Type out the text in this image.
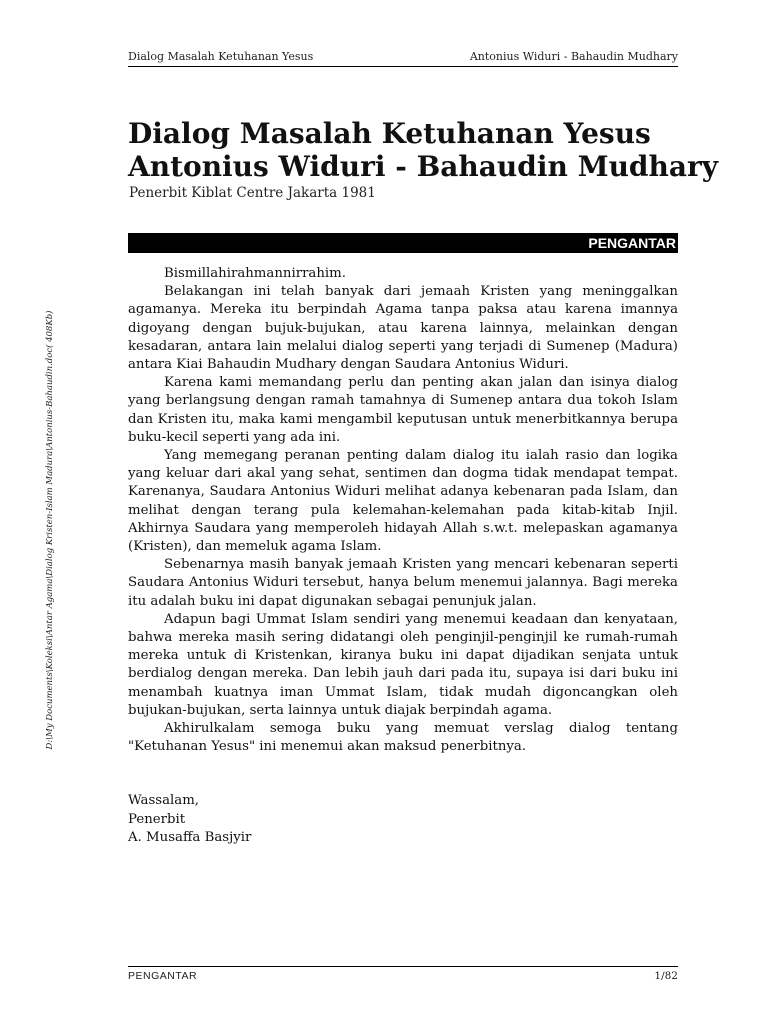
Dialog Masalah Ketuhanan Yesus	Antonius Widuri - Bahaudin Mudhary
Dialog Masalah Ketuhanan Yesus
Antonius Widuri - Bahaudin Mudhary
Penerbit Kiblat Centre Jakarta 1981
PENGANTAR

Bismillahirahmannirrahim.

Belakangan ini telah banyak dari jemaah Kristen yang meninggalkan agamanya. Mereka itu berpindah Agama tanpa paksa atau karena imannya digoyang dengan bujuk-bujukan, atau karena lainnya, melainkan dengan kesadaran, antara lain melalui dialog seperti yang terjadi di Sumenep (Madura) antara Kiai Bahaudin Mudhary dengan Saudara Antonius Widuri.

Karena kami memandang perlu dan penting akan jalan dan isinya dialog yang berlangsung dengan ramah tamahnya di Sumenep antara dua tokoh Islam dan Kristen itu, maka kami mengambil keputusan untuk menerbitkannya berupa buku-kecil seperti yang ada ini.

Yang memegang peranan penting dalam dialog itu ialah rasio dan logika yang keluar dari akal yang sehat, sentimen dan dogma tidak mendapat tempat. Karenanya, Saudara Antonius Widuri melihat adanya kebenaran pada Islam, dan melihat dengan terang pula kelemahan-kelemahan pada kitab-kitab Injil. Akhirnya Saudara yang memperoleh hidayah Allah s.w.t. melepaskan agamanya (Kristen), dan memeluk agama Islam.

Sebenarnya masih banyak jemaah Kristen yang mencari kebenaran seperti Saudara Antonius Widuri tersebut, hanya belum menemui jalannya. Bagi mereka itu adalah buku ini dapat digunakan sebagai penunjuk jalan.

Adapun bagi Ummat Islam sendiri yang menemui keadaan dan kenyataan, bahwa mereka masih sering didatangi oleh penginjil-penginjil ke rumah-rumah mereka untuk di Kristenkan, kiranya buku ini dapat dijadikan senjata untuk berdialog dengan mereka. Dan lebih jauh dari pada itu, supaya isi dari buku ini menambah kuatnya iman Ummat Islam, tidak mudah digoncangkan oleh bujukan-bujukan, serta lainnya untuk diajak berpindah agama.

Akhirulkalam semoga buku yang memuat verslag dialog tentang "Ketuhanan Yesus" ini menemui akan maksud penerbitnya.

Wassalam,
Penerbit
A. Musaffa Basjyir
PENGANTAR	1/82
D:\My Documents\Koleksi\Antar Agama\Dialog Kristen-Islam Madura\Antonius-Bahaudin.doc( 408Kb)
